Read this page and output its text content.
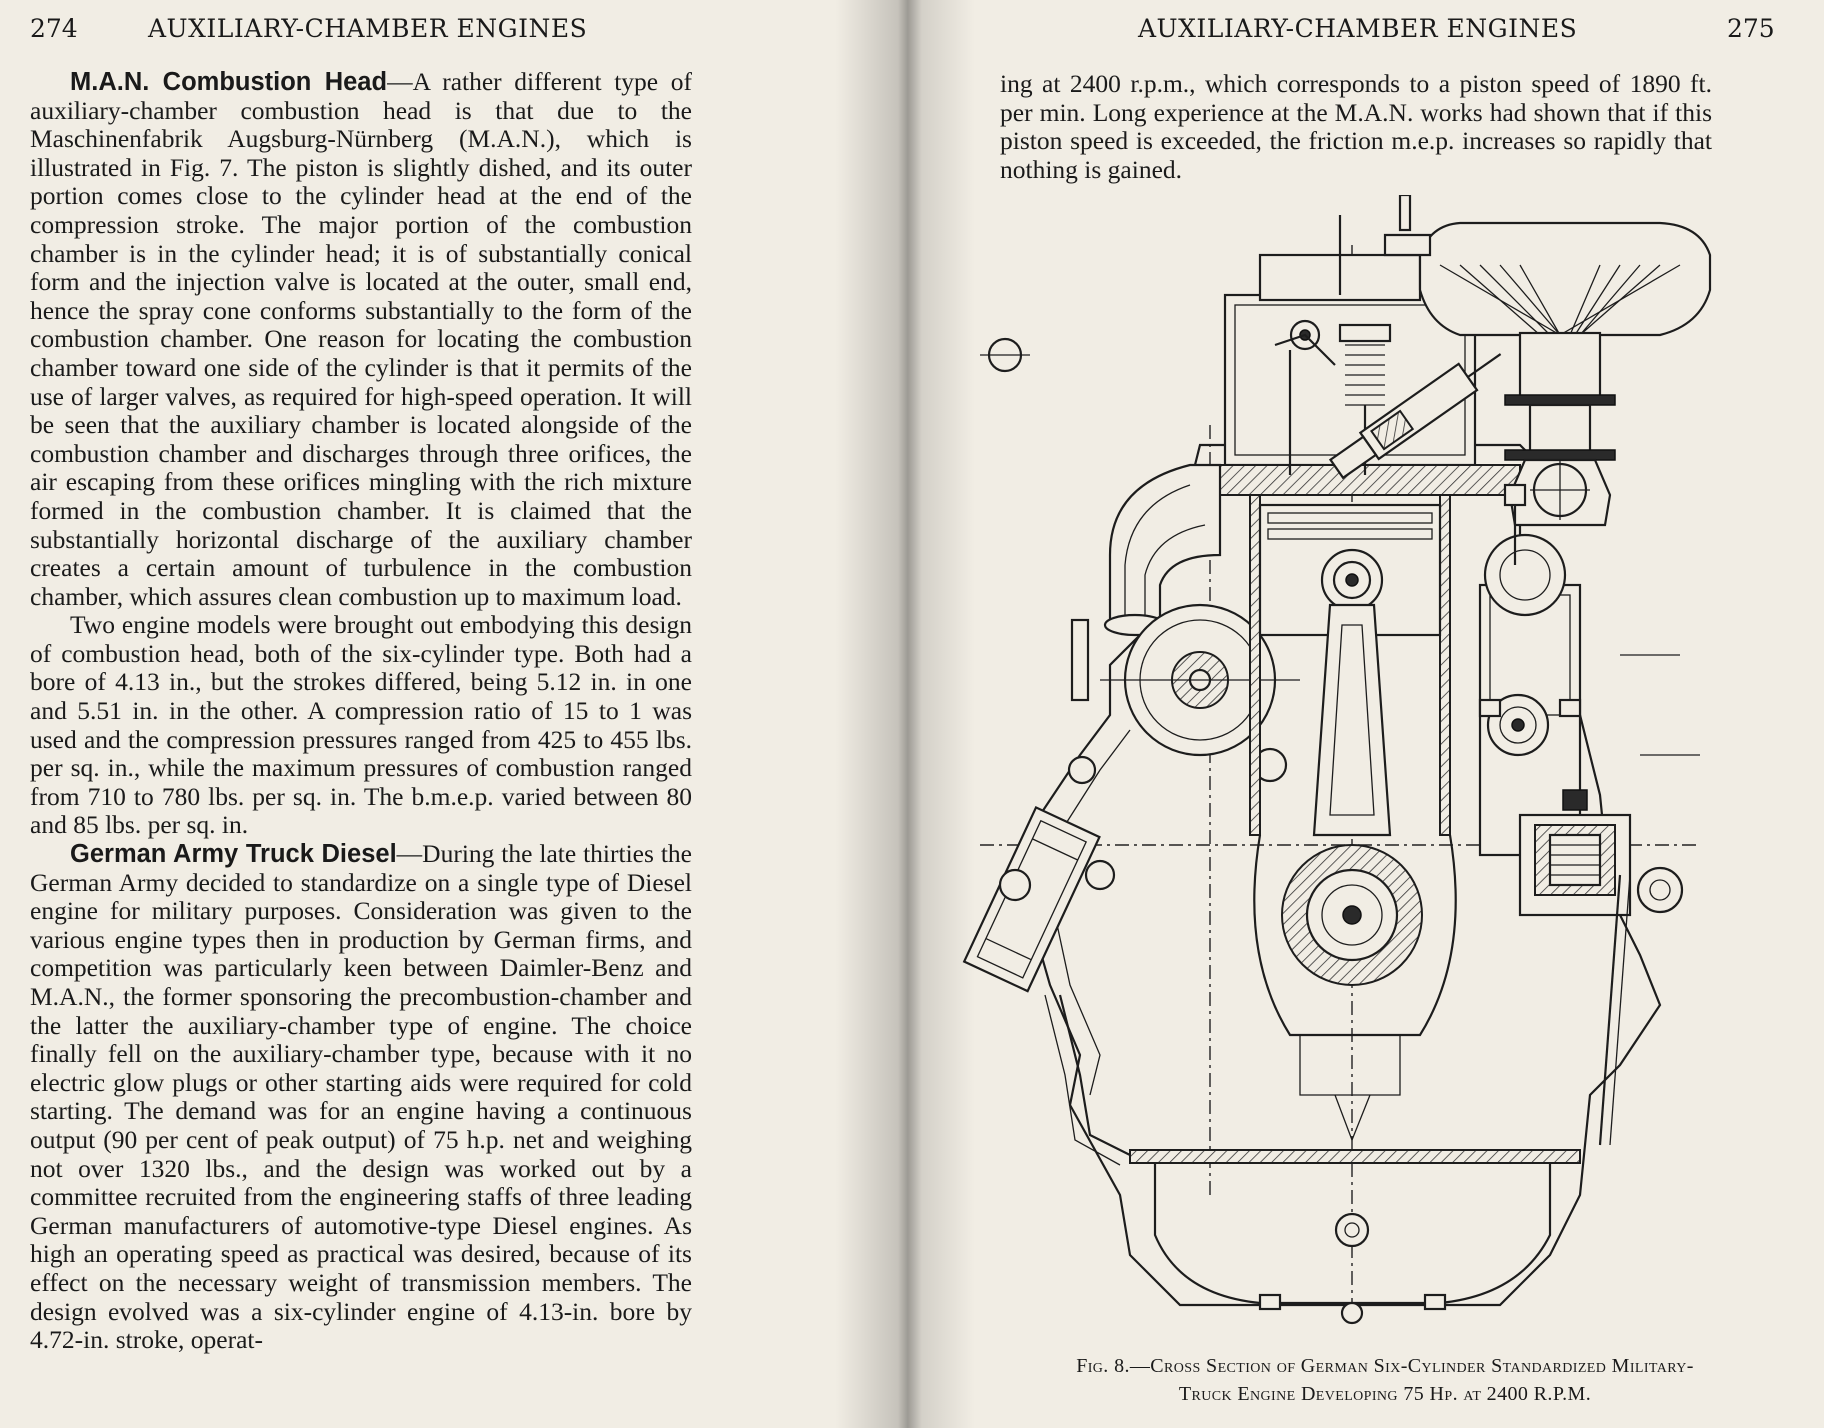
274	AUXILIARY-CHAMBER ENGINES

M.A.N. Combustion Head—A rather different type of auxiliary-chamber combustion head is that due to the Maschinenfabrik Augsburg-Nürnberg (M.A.N.), which is illustrated in Fig. 7. The piston is slightly dished, and its outer portion comes close to the cylinder head at the end of the compression stroke. The major portion of the combustion chamber is in the cylinder head; it is of substantially conical form and the injection valve is located at the outer, small end, hence the spray cone conforms substantially to the form of the combustion chamber. One reason for locating the combustion chamber toward one side of the cylinder is that it permits of the use of larger valves, as required for high-speed operation. It will be seen that the auxiliary chamber is located alongside of the combustion chamber and discharges through three orifices, the air escaping from these orifices mingling with the rich mixture formed in the combustion chamber. It is claimed that the substantially horizontal discharge of the auxiliary chamber creates a certain amount of turbulence in the combustion chamber, which assures clean combustion up to maximum load.

Two engine models were brought out embodying this design of combustion head, both of the six-cylinder type. Both had a bore of 4.13 in., but the strokes differed, being 5.12 in. in one and 5.51 in. in the other. A compression ratio of 15 to 1 was used and the compression pressures ranged from 425 to 455 lbs. per sq. in., while the maximum pressures of combustion ranged from 710 to 780 lbs. per sq. in. The b.m.e.p. varied between 80 and 85 lbs. per sq. in.

German Army Truck Diesel—During the late thirties the German Army decided to standardize on a single type of Diesel engine for military purposes. Consideration was given to the various engine types then in production by German firms, and competition was particularly keen between Daimler-Benz and M.A.N., the former sponsoring the precombustion-chamber and the latter the auxiliary-chamber type of engine. The choice finally fell on the auxiliary-chamber type, because with it no electric glow plugs or other starting aids were required for cold starting. The demand was for an engine having a continuous output (90 per cent of peak output) of 75 h.p. net and weighing not over 1320 lbs., and the design was worked out by a committee recruited from the engineering staffs of three leading German manufacturers of automotive-type Diesel engines. As high an operating speed as practical was desired, because of its effect on the necessary weight of transmission members. The design evolved was a six-cylinder engine of 4.13-in. bore by 4.72-in. stroke, operat-

AUXILIARY-CHAMBER ENGINES	275

ing at 2400 r.p.m., which corresponds to a piston speed of 1890 ft. per min. Long experience at the M.A.N. works had shown that if this piston speed is exceeded, the friction m.e.p. increases so rapidly that nothing is gained.

Fig. 8.—Cross Section of German Six-Cylinder Standardized Military-
Truck Engine Developing 75 Hp. at 2400 R.P.M.
